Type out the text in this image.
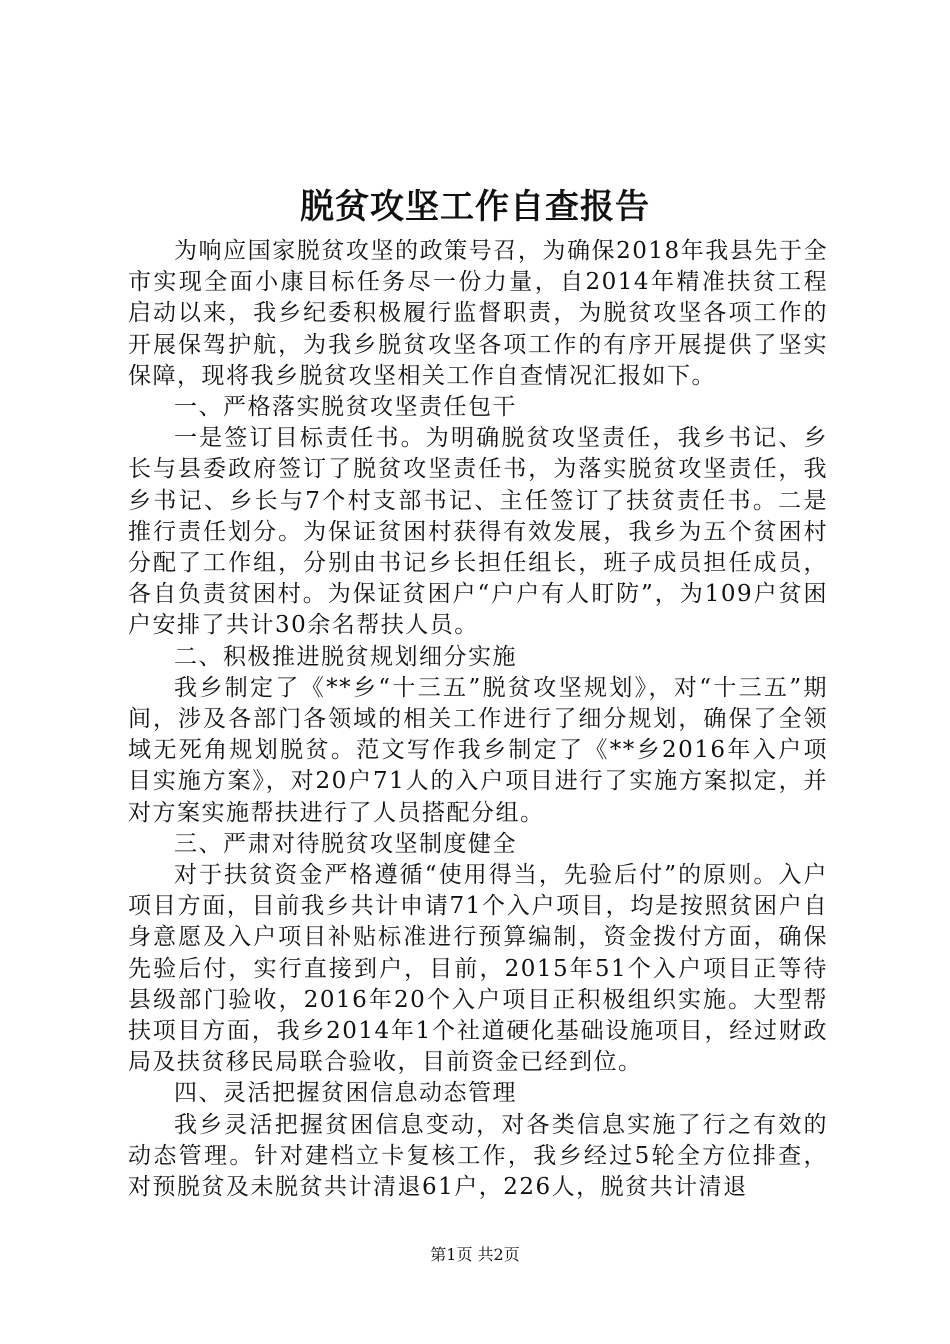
脱贫攻坚工作自查报告

为响应国家脱贫攻坚的政策号召，为确保2018年我县先于全市实现全面小康目标任务尽一份力量，自2014年精准扶贫工程启动以来，我乡纪委积极履行监督职责，为脱贫攻坚各项工作的开展保驾护航，为我乡脱贫攻坚各项工作的有序开展提供了坚实保障，现将我乡脱贫攻坚相关工作自查情况汇报如下。

一、严格落实脱贫攻坚责任包干

一是签订目标责任书。为明确脱贫攻坚责任，我乡书记、乡长与县委政府签订了脱贫攻坚责任书，为落实脱贫攻坚责任，我乡书记、乡长与7个村支部书记、主任签订了扶贫责任书。二是推行责任划分。为保证贫困村获得有效发展，我乡为五个贫困村分配了工作组，分别由书记乡长担任组长，班子成员担任成员，各自负责贫困村。为保证贫困户“户户有人盯防”，为109户贫困户安排了共计30余名帮扶人员。

二、积极推进脱贫规划细分实施

我乡制定了《**乡“十三五”脱贫攻坚规划》，对“十三五”期间，涉及各部门各领域的相关工作进行了细分规划，确保了全领域无死角规划脱贫。范文写作我乡制定了《**乡2016年入户项目实施方案》，对20户71人的入户项目进行了实施方案拟定，并对方案实施帮扶进行了人员搭配分组。

三、严肃对待脱贫攻坚制度健全

对于扶贫资金严格遵循“使用得当，先验后付”的原则。入户项目方面，目前我乡共计申请71个入户项目，均是按照贫困户自身意愿及入户项目补贴标准进行预算编制，资金拨付方面，确保先验后付，实行直接到户，目前，2015年51个入户项目正等待县级部门验收，2016年20个入户项目正积极组织实施。大型帮扶项目方面，我乡2014年1个社道硬化基础设施项目，经过财政局及扶贫移民局联合验收，目前资金已经到位。

四、灵活把握贫困信息动态管理

我乡灵活把握贫困信息变动，对各类信息实施了行之有效的动态管理。针对建档立卡复核工作，我乡经过5轮全方位排查，对预脱贫及未脱贫共计清退61户，226人，脱贫共计清退

第1页 共2页
